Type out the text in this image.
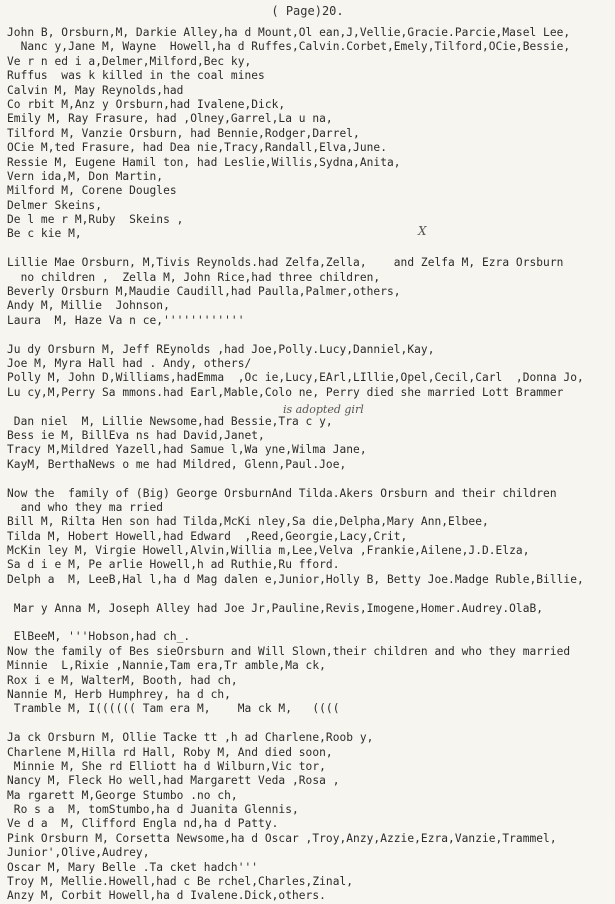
( Page)20.
X
is adopted girl
John B, Orsburn,M, Darkie Alley,ha d Mount,Ol ean,J,Vellie,Gracie.Parcie,Masel Lee,
Nanc y,Jane M, Wayne  Howell,ha d Ruffes,Calvin.Corbet,Emely,Tilford,OCie,Bessie,
Ve r n ed i a,Delmer,Milford,Bec ky,
Ruffus  was k killed in the coal mines
Calvin M, May Reynolds,had
Co rbit M,Anz y Orsburn,had Ivalene,Dick,
Emily M, Ray Frasure, had ,Olney,Garrel,La u na,
Tilford M, Vanzie Orsburn, had Bennie,Rodger,Darrel,
OCie M,ted Frasure, had Dea nie,Tracy,Randall,Elva,June.
Ressie M, Eugene Hamil ton, had Leslie,Willis,Sydna,Anita,
Vern ida,M, Don Martin,
Milford M, Corene Dougles
Delmer Skeins,
De l me r M,Ruby  Skeins ,
Be c kie M,
Lillie Mae Orsburn, M,Tivis Reynolds.had Zelfa,Zella,    and Zelfa M, Ezra Orsburn
no children ,  Zella M, John Rice,had three children,
Beverly Orsburn M,Maudie Caudill,had Paulla,Palmer,others,
Andy M, Millie  Johnson,
Laura  M, Haze Va n ce,''''''''''''
Ju dy Orsburn M, Jeff REynolds ,had Joe,Polly.Lucy,Danniel,Kay,
Joe M, Myra Hall had . Andy, others/
Polly M, John D,Williams,hadEmma  ,Oc ie,Lucy,EArl,LIllie,Opel,Cecil,Carl  ,Donna Jo,
Lu cy,M,Perry Sa mmons.had Earl,Mable,Colo ne, Perry died she married Lott Brammer
Dan niel  M, Lillie Newsome,had Bessie,Tra c y,
Bess ie M, BillEva ns had David,Janet,
Tracy M,Mildred Yazell,had Samue l,Wa yne,Wilma Jane,
KayM, BerthaNews o me had Mildred, Glenn,Paul.Joe,
Now the  family of (Big) George OrsburnAnd Tilda.Akers Orsburn and their children
and who they ma rried
Bill M, Rilta Hen son had Tilda,McKi nley,Sa die,Delpha,Mary Ann,Elbee,
Tilda M, Hobert Howell,had Edward  ,Reed,Georgie,Lacy,Crit,
McKin ley M, Virgie Howell,Alvin,Willia m,Lee,Velva ,Frankie,Ailene,J.D.Elza,
Sa d i e M, Pe arlie Howell,h ad Ruthie,Ru fford.
Delph a  M, LeeB,Hal l,ha d Mag dalen e,Junior,Holly B, Betty Joe.Madge Ruble,Billie,
Mar y Anna M, Joseph Alley had Joe Jr,Pauline,Revis,Imogene,Homer.Audrey.OlaB,
ElBeeM, '''Hobson,had ch_.
Now the family of Bes sieOrsburn and Will Slown,their children and who they married
Minnie  L,Rixie ,Nannie,Tam era,Tr amble,Ma ck,
Rox i e M, WalterM, Booth, had ch,
Nannie M, Herb Humphrey, ha d ch,
Tramble M, I(((((( Tam era M,    Ma ck M,   ((((
Ja ck Orsburn M, Ollie Tacke tt ,h ad Charlene,Roob y,
Charlene M,Hilla rd Hall, Roby M, And died soon,
Minnie M, She rd Elliott ha d Wilburn,Vic tor,
Nancy M, Fleck Ho well,had Margarett Veda ,Rosa ,
Ma rgarett M,George Stumbo .no ch,
Ro s a  M, tomStumbo,ha d Juanita Glennis,
Ve d a  M, Clifford Engla nd,ha d Patty.
Pink Orsburn M, Corsetta Newsome,ha d Oscar ,Troy,Anzy,Azzie,Ezra,Vanzie,Trammel,
Junior',Olive,Audrey,
Oscar M, Mary Belle .Ta cket hadch'''
Troy M, Mellie.Howell,had c Be rchel,Charles,Zinal,
Anzy M, Corbit Howell,ha d Ivalene.Dick,others.
